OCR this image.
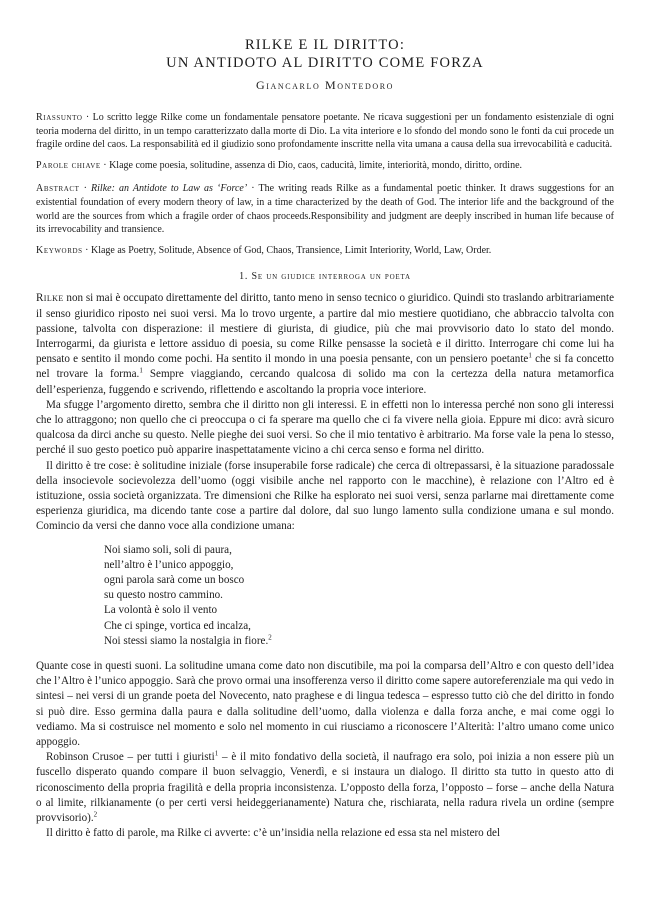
RILKE E IL DIRITTO:
UN ANTIDOTO AL DIRITTO COME FORZA
Giancarlo Montedoro

Riassunto · Lo scritto legge Rilke come un fondamentale pensatore poetante. Ne ricava suggestioni per un fondamento esistenziale di ogni teoria moderna del diritto, in un tempo caratterizzato dalla morte di Dio. La vita interiore e lo sfondo del mondo sono le fonti da cui procede un fragile ordine del caos. La responsabilità ed il giudizio sono profondamente inscritte nella vita umana a causa della sua irrevocabilità e caducità.

Parole chiave · Klage come poesia, solitudine, assenza di Dio, caos, caducità, limite, interiorità, mondo, diritto, ordine.

Abstract · Rilke: an Antidote to Law as ‘Force’ · The writing reads Rilke as a fundamental poetic thinker. It draws suggestions for an existential foundation of every modern theory of law, in a time characterized by the death of God. The interior life and the background of the world are the sources from which a fragile order of chaos proceeds.Responsibility and judgment are deeply inscribed in human life because of its irrevocability and transience.

Keywords · Klage as Poetry, Solitude, Absence of God, Chaos, Transience, Limit Interiority, World, Law, Order.

1. Se un giudice interroga un poeta

Rilke non si mai è occupato direttamente del diritto, tanto meno in senso tecnico o giuridico. Quindi sto traslando arbitrariamente il senso giuridico riposto nei suoi versi. Ma lo trovo urgente, a partire dal mio mestiere quotidiano, che abbraccio talvolta con passione, talvolta con disperazione: il mestiere di giurista, di giudice, più che mai provvisorio dato lo stato del mondo. Interrogarmi, da giurista e lettore assiduo di poesia, su come Rilke pensasse la società e il diritto. Interrogare chi come lui ha pensato e sentito il mondo come pochi. Ha sentito il mondo in una poesia pensante, con un pensiero poetante$^1$ che si fa concetto nel trovare la forma.$^1$ Sempre viaggiando, cercando qualcosa di solido ma con la certezza della natura metamorfica dell’esperienza, fuggendo e scrivendo, riflettendo e ascoltando la propria voce interiore.

Ma sfugge l’argomento diretto, sembra che il diritto non gli interessi. E in effetti non lo interessa perché non sono gli interessi che lo attraggono; non quello che ci preoccupa o ci fa sperare ma quello che ci fa vivere nella gioia. Eppure mi dico: avrà sicuro qualcosa da dirci anche su questo. Nelle pieghe dei suoi versi. So che il mio tentativo è arbitrario. Ma forse vale la pena lo stesso, perché il suo gesto poetico può apparire inaspettatamente vicino a chi cerca senso e forma nel diritto.

Il diritto è tre cose: è solitudine iniziale (forse insuperabile forse radicale) che cerca di oltrepassarsi, è la situazione paradossale della insocievole socievolezza dell’uomo (oggi visibile anche nel rapporto con le macchine), è relazione con l’Altro ed è istituzione, ossia società organizzata. Tre dimensioni che Rilke ha esplorato nei suoi versi, senza parlarne mai direttamente come esperienza giuridica, ma dicendo tante cose a partire dal dolore, dal suo lungo lamento sulla condizione umana e sul mondo. Comincio da versi che danno voce alla condizione umana:

Noi siamo soli, soli di paura,
nell’altro è l’unico appoggio,
ogni parola sarà come un bosco
su questo nostro cammino.
La volontà è solo il vento
Che ci spinge, vortica ed incalza,
Noi stessi siamo la nostalgia in fiore.$^2$

Quante cose in questi suoni. La solitudine umana come dato non discutibile, ma poi la comparsa dell’Altro e con questo dell’idea che l’Altro è l’unico appoggio. Sarà che provo ormai una insofferenza verso il diritto come sapere autoreferenziale ma qui vedo in sintesi – nei versi di un grande poeta del Novecento, nato praghese e di lingua tedesca – espresso tutto ciò che del diritto in fondo si può dire. Esso germina dalla paura e dalla solitudine dell’uomo, dalla violenza e dalla forza anche, e mai come oggi lo vediamo. Ma si costruisce nel momento e solo nel momento in cui riusciamo a riconoscere l’Alterità: l’altro umano come unico appoggio.

Robinson Crusoe – per tutti i giuristi$^1$ – è il mito fondativo della società, il naufrago era solo, poi inizia a non essere più un fuscello disperato quando compare il buon selvaggio, Venerdì, e si instaura un dialogo. Il diritto sta tutto in questo atto di riconoscimento della propria fragilità e della propria inconsistenza. L’opposto della forza, l’opposto – forse – anche della Natura o al limite, rilkianamente (o per certi versi heideggerianamente) Natura che, rischiarata, nella radura rivela un ordine (sempre provvisorio).$^2$

Il diritto è fatto di parole, ma Rilke ci avverte: c’è un’insidia nella relazione ed essa sta nel mistero del
